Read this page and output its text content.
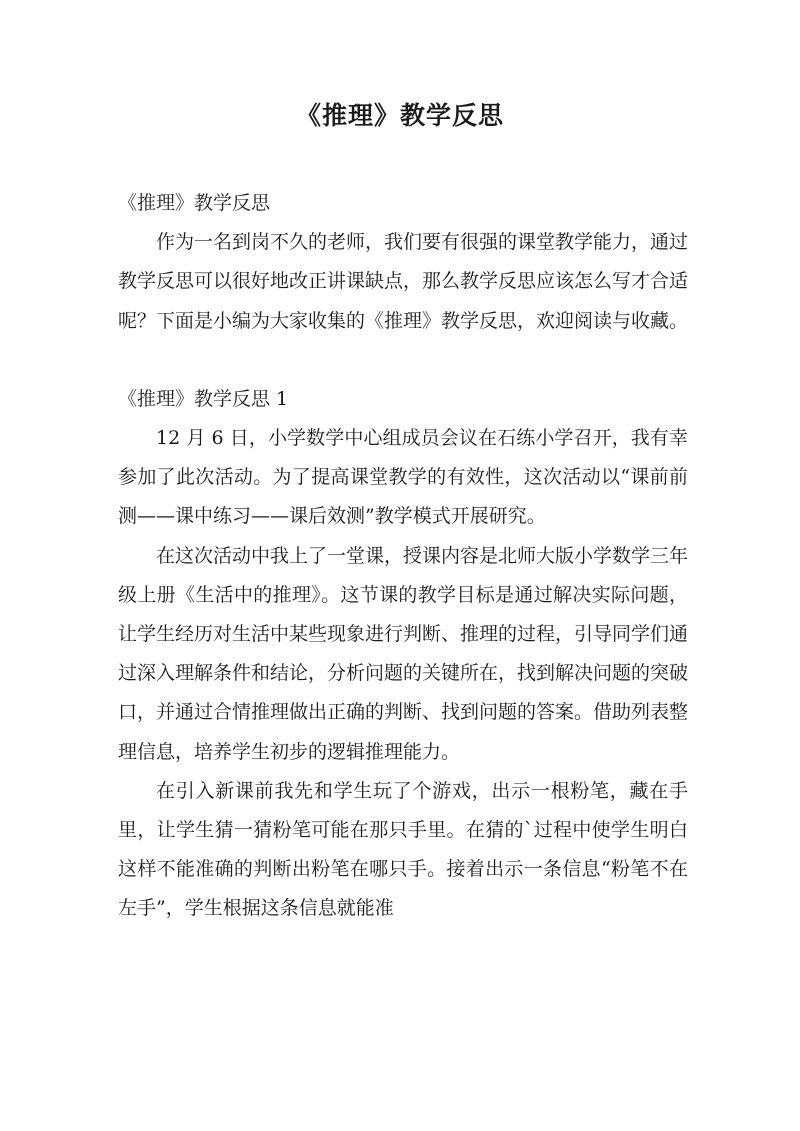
《推理》教学反思

《推理》教学反思

作为一名到岗不久的老师，我们要有很强的课堂教学能力，通过教学反思可以很好地改正讲课缺点，那么教学反思应该怎么写才合适呢？下面是小编为大家收集的《推理》教学反思，欢迎阅读与收藏。

《推理》教学反思 1

12 月 6 日，小学数学中心组成员会议在石练小学召开，我有幸参加了此次活动。为了提高课堂教学的有效性，这次活动以“课前前测——课中练习——课后效测”教学模式开展研究。

在这次活动中我上了一堂课，授课内容是北师大版小学数学三年级上册《生活中的推理》。这节课的教学目标是通过解决实际问题，让学生经历对生活中某些现象进行判断、推理的过程，引导同学们通过深入理解条件和结论，分析问题的关键所在，找到解决问题的突破口，并通过合情推理做出正确的判断、找到问题的答案。借助列表整理信息，培养学生初步的逻辑推理能力。

在引入新课前我先和学生玩了个游戏，出示一根粉笔，藏在手里，让学生猜一猜粉笔可能在那只手里。在猜的`过程中使学生明白这样不能准确的判断出粉笔在哪只手。接着出示一条信息“粉笔不在左手”，学生根据这条信息就能准
